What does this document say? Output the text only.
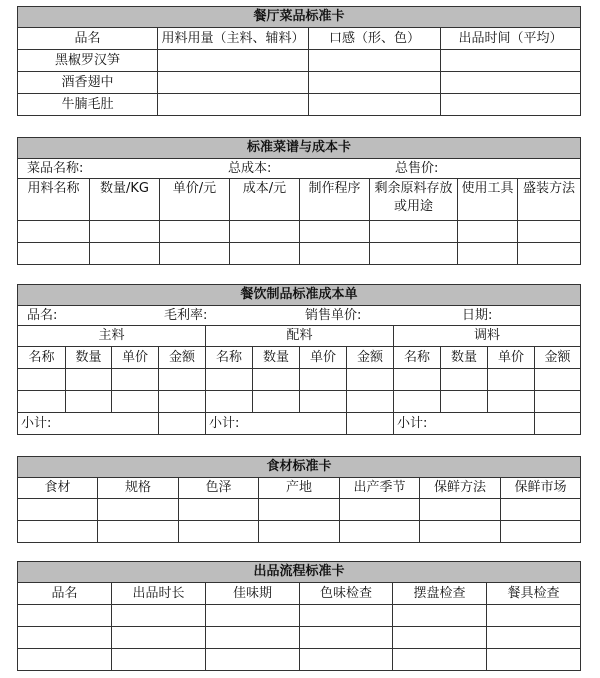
餐厅菜品标准卡			
品名	用料用量（主料、辅料）	口感（形、色）	出品时间（平均）
黑椒罗汉笋			
酒香翅中			
牛腩毛肚			
标准菜谱与成本卡							

菜品名称: 总成本: 总售价:							

用料名称	数量/KG	单价/元	成本/元	制作程序	剩余原料存放或用途	使用工具	盛装方法

餐饮制品标准成本单											

品名: 毛利率: 销售单价: 日期:											

主料				配料				调料			
名称	数量	单价	金额	名称	数量	单价	金额	名称	数量	单价	金额

小计:				小计:				小计:			
食材标准卡						
食材	规格	色泽	产地	出产季节	保鲜方法	保鲜市场

出品流程标准卡					
品名	出品时长	佳味期	色味检查	摆盘检查	餐具检查
